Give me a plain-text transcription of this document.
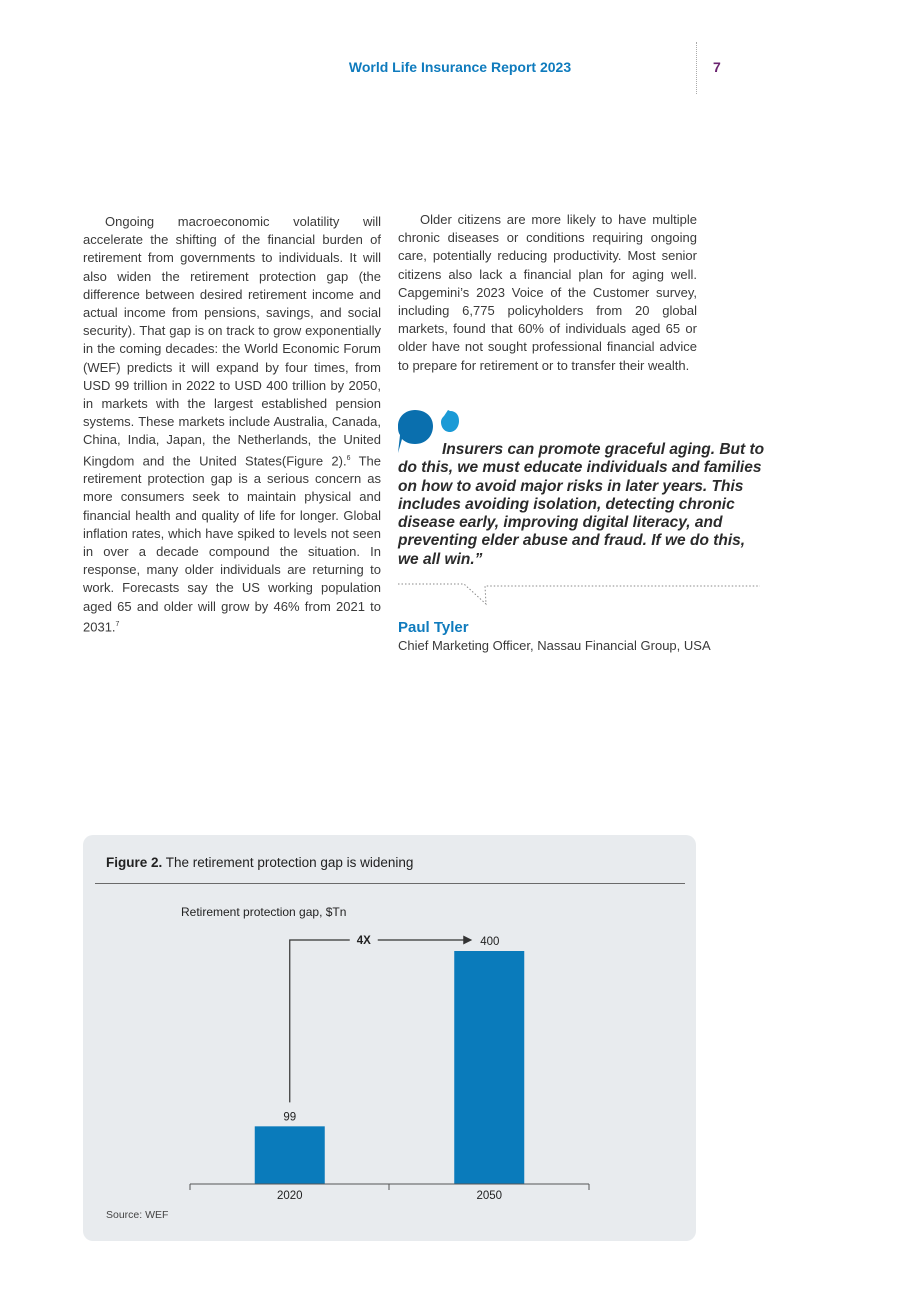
World Life Insurance Report 2023	7
Ongoing macroeconomic volatility will accelerate the shifting of the financial burden of retirement from governments to individuals. It will also widen the retirement protection gap (the difference between desired retirement income and actual income from pensions, savings, and social security). That gap is on track to grow exponentially in the coming decades: the World Economic Forum (WEF) predicts it will expand by four times, from USD 99 trillion in 2022 to USD 400 trillion by 2050, in markets with the largest established pension systems. These markets include Australia, Canada, China, India, Japan, the Netherlands, the United Kingdom and the United States(Figure 2).$^6$ The retirement protection gap is a serious concern as more consumers seek to maintain physical and financial health and quality of life for longer. Global inflation rates, which have spiked to levels not seen in over a decade compound the situation. In response, many older individuals are returning to work. Forecasts say the US working population aged 65 and older will grow by 46% from 2021 to 2031.$^7$
Older citizens are more likely to have multiple chronic diseases or conditions requiring ongoing care, potentially reducing productivity. Most senior citizens also lack a financial plan for aging well. Capgemini’s 2023 Voice of the Customer survey, including 6,775 policyholders from 20 global markets, found that 60% of individuals aged 65 or older have not sought professional financial advice to prepare for retirement or to transfer their wealth.
Insurers can promote graceful aging. But to do this, we must educate individuals and families on how to avoid major risks in later years. This includes avoiding isolation, detecting chronic disease early, improving digital literacy, and preventing elder abuse and fraud. If we do this, we all win.”
Paul Tyler
Chief Marketing Officer, Nassau Financial Group, USA
Figure 2. The retirement protection gap is widening
Retirement protection gap, $Tn
4X
99
2020
400
2050
Source: WEF
